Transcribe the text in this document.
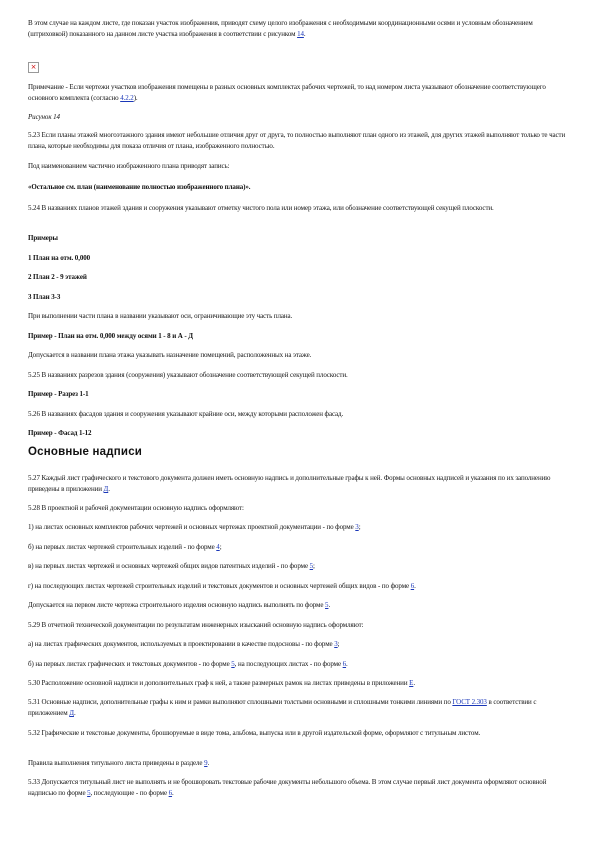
В этом случае на каждом листе, где показан участок изображения, приводят схему целого изображения с необходимыми координационными осями и условным обозначением (штриховкой) показанного на данном листе участка изображения в соответствии с рисунком 14.

×

Примечание - Если чертежи участков изображения помещены в разных основных комплектах рабочих чертежей, то над номером листа указывают обозначение соответствующего основного комплекта (согласно 4.2.2).

Рисунок 14

5.23 Если планы этажей многоэтажного здания имеют небольшие отличия друг от друга, то полностью выполняют план одного из этажей, для других этажей выполняют только те части плана, которые необходимы для показа отличия от плана, изображенного полностью.

Под наименованием частично изображенного плана приводят запись:

«Остальное см. план (наименование полностью изображенного плана)».

5.24 В названиях планов этажей здания и сооружения указывают отметку чистого пола или номер этажа, или обозначение соответствующей секущей плоскости.

Примеры

1 План на отм. 0,000

2 План 2 - 9 этажей

3 План 3-3

При выполнении части плана в названии указывают оси, ограничивающие эту часть плана.

Пример - План на отм. 0,000 между осями 1 - 8 и А - Д

Допускается в названии плана этажа указывать назначение помещений, расположенных на этаже.

5.25 В названиях разрезов здания (сооружения) указывают обозначение соответствующей секущей плоскости.

Пример - Разрез 1-1

5.26 В названиях фасадов здания и сооружения указывают крайние оси, между которыми расположен фасад.

Пример - Фасад 1-12

Основные надписи

5.27 Каждый лист графического и текстового документа должен иметь основную надпись и дополнительные графы к ней. Формы основных надписей и указания по их заполнению приведены в приложении Д.

5.28 В проектной и рабочей документации основную надпись оформляют:

1) на листах основных комплектов рабочих чертежей и основных чертежах проектной документации - по форме 3;

б) на первых листах чертежей строительных изделий - по форме 4;

в) на первых листах чертежей и основных чертежей общих видов патентных изделий - по форме 5;

г) на последующих листах чертежей строительных изделий и текстовых документов и основных чертежей общих видов - по форме 6.

Допускается на первом листе чертежа строительного изделия основную надпись выполнять по форме 5.

5.29 В отчетной технической документации по результатам инженерных изысканий основную надпись оформляют:

а) на листах графических документов, используемых в проектировании в качестве подосновы - по форме 3;

б) на первых листах графических и текстовых документов - по форме 5, на последующих листах - по форме 6.

5.30 Расположение основной надписи и дополнительных граф к ней, а также размерных рамок на листах приведены в приложении Е.

5.31 Основные надписи, дополнительные графы к ним и рамки выполняют сплошными толстыми основными и сплошными тонкими линиями по ГОСТ 2.303 в соответствии с приложением Д.

5.32 Графические и текстовые документы, брошюруемые в виде тома, альбома, выпуска или в другой издательской форме, оформляют с титульным листом.

Правила выполнения титульного листа приведены в разделе 9.

5.33 Допускается титульный лист не выполнять и не брошюровать текстовые рабочие документы небольшого объема. В этом случае первый лист документа оформляют основной надписью по форме 5, последующие - по форме 6.
